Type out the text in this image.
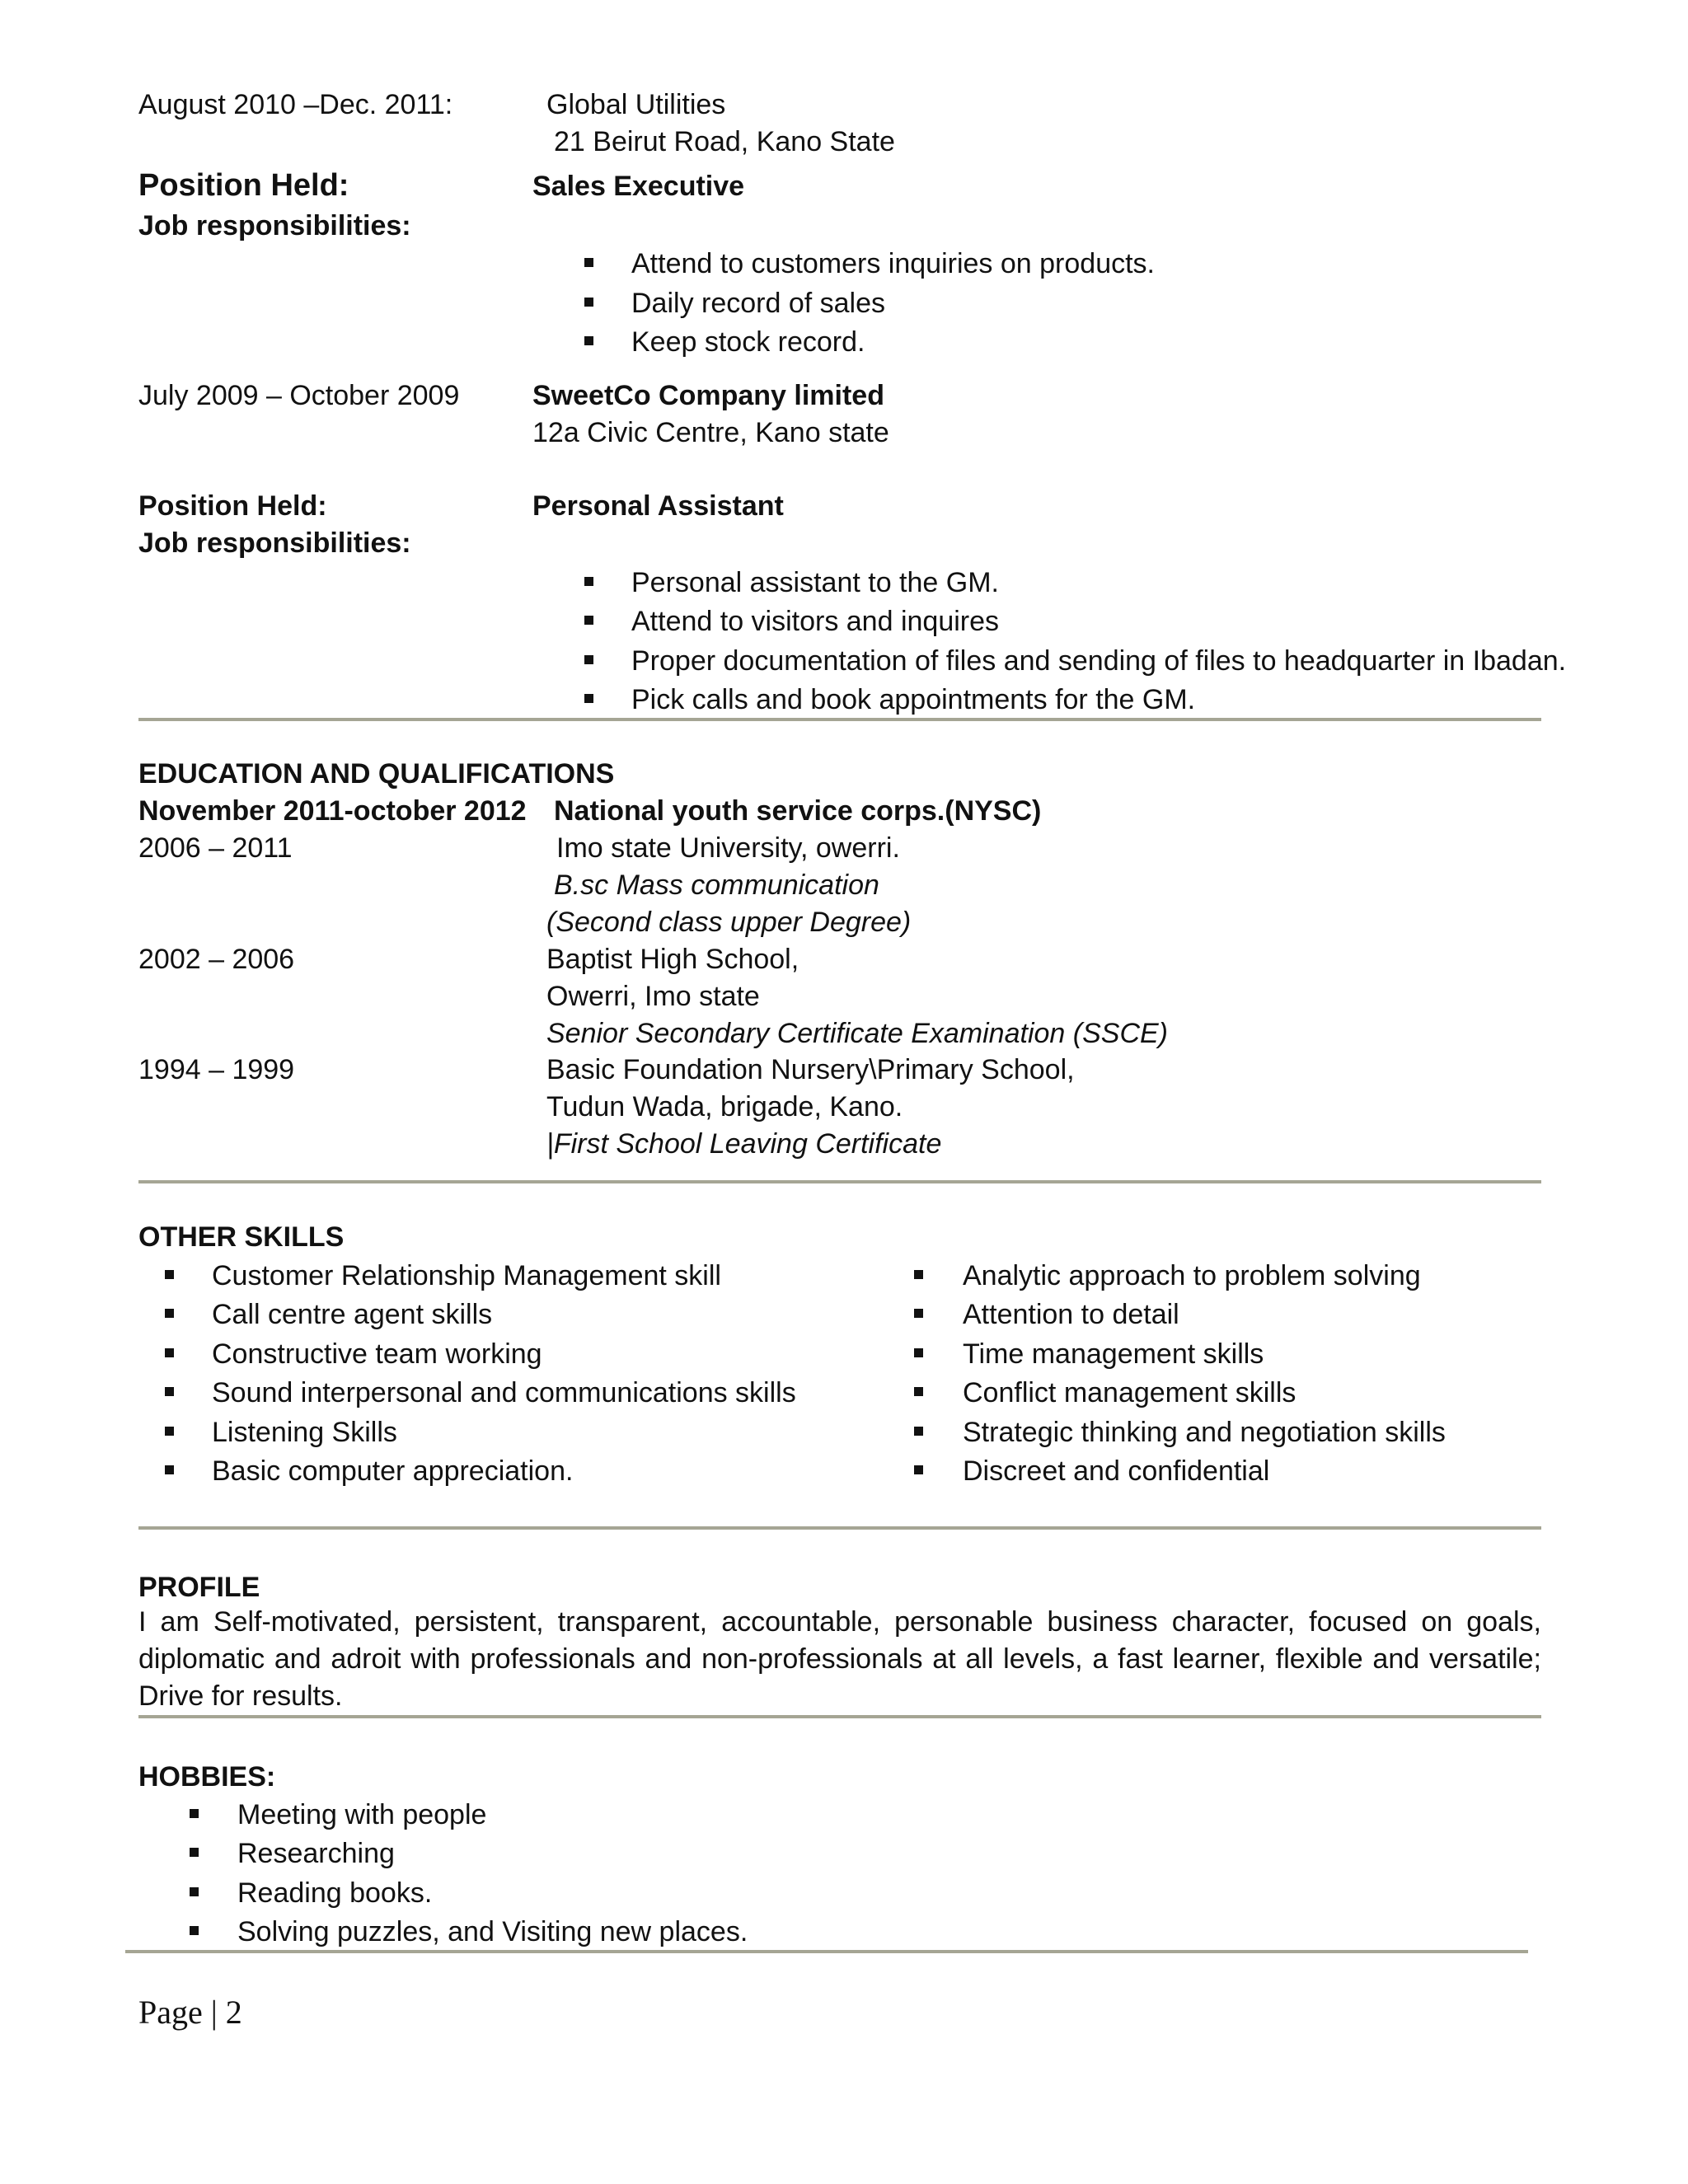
August 2010 –Dec. 2011:	Global Utilities
21 Beirut Road, Kano State
Position Held:	Sales Executive
Job responsibilities:
Attend to customers inquiries on products.
Daily record of sales
Keep stock record.
July 2009 – October 2009	SweetCo Company limited
12a Civic Centre, Kano state
Position Held:	Personal Assistant
Job responsibilities:
Personal assistant to the GM.
Attend to visitors and inquires
Proper documentation of files and sending of files to headquarter in Ibadan.
Pick calls and book appointments for the GM.
EDUCATION AND QUALIFICATIONS
November 2011-october 2012 National youth service corps.(NYSC)
2006 – 2011	Imo state University, owerri.
B.sc Mass communication
(Second class upper Degree)
2002 – 2006	Baptist High School,
Owerri, Imo state
Senior Secondary Certificate Examination (SSCE)
1994 – 1999	Basic Foundation Nursery\Primary School,
Tudun Wada, brigade, Kano.
|First School Leaving Certificate
OTHER SKILLS
Customer Relationship Management skill
Call centre agent skills
Constructive team working
Sound interpersonal and communications skills
Listening Skills
Basic computer appreciation.
Analytic approach to problem solving
Attention to detail
Time management skills
Conflict management skills
Strategic thinking and negotiation skills
Discreet and confidential
PROFILE
I am Self-motivated, persistent, transparent, accountable, personable business character, focused on goals, diplomatic and adroit with professionals and non-professionals at all levels, a fast learner, flexible and versatile; Drive for results.
HOBBIES:
Meeting with people
Researching
Reading books.
Solving puzzles, and Visiting new places.
Page | 2
